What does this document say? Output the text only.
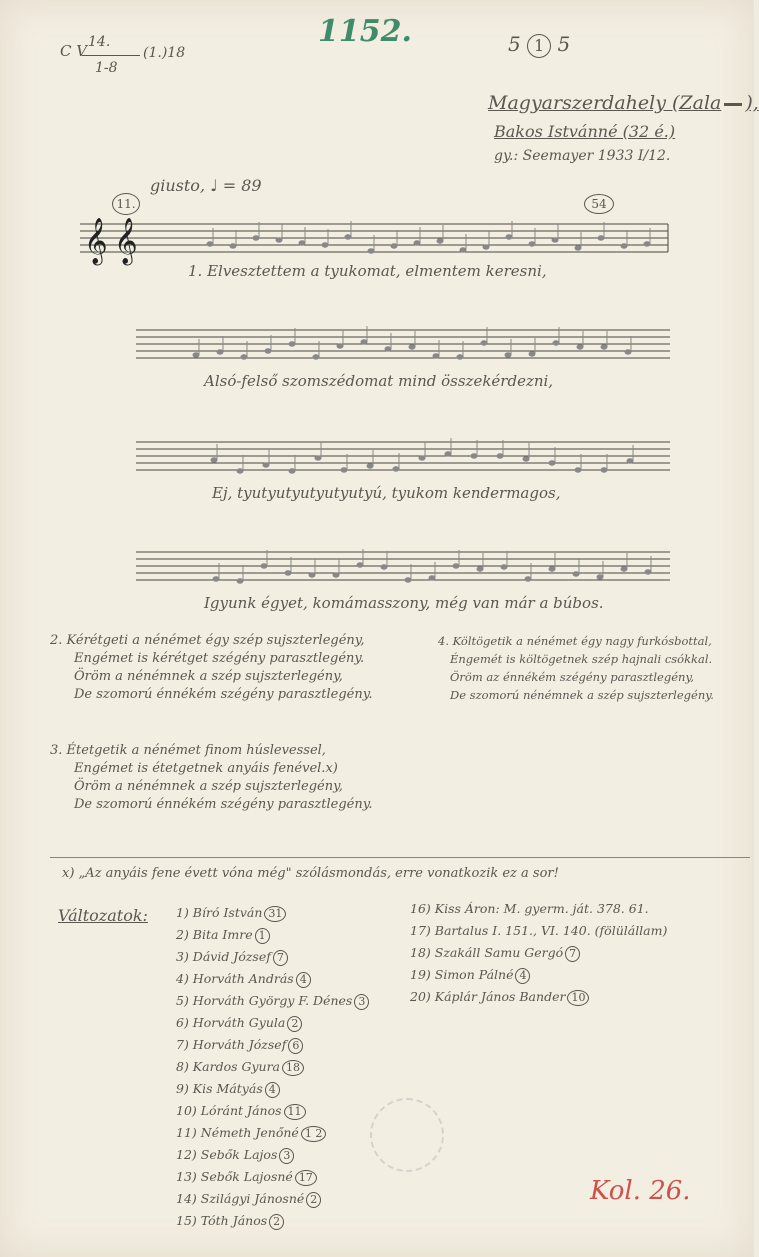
C V 14.
1-8
(1.)18
1152.	5 1 5
Magyarszerdahely (Zala ),
Bakos Istvánné (32 é.)
gy.: Seemayer 1933 I/12.
giusto, ♩ = 89
11.	54
𝄞 𝄞
1. Elvesztettem a tyukomat, elmentem keresni,
Alsó-felső szomszédomat mind összekérdezni,
Ej, tyutyutyutyutyutyú, tyukom kendermagos,
Igyunk égyet, komámasszony, még van már a búbos.
2. Kérétgeti a nénémet égy szép sujszterlegény,
Engémet is kérétget szégény parasztlegény.
Öröm a nénémnek a szép sujszterlegény,
De szomorú énnékém szégény parasztlegény.
4. Költögetik a nénémet égy nagy furkósbottal,
Éngemét is költögetnek szép hajnali csókkal.
Öröm az énnékém szégény parasztlegény,
De szomorú nénémnek a szép sujszterlegény.
3. Étetgetik a nénémet finom húslevessel,
Engémet is étetgetnek anyáis fenével.x)
Öröm a nénémnek a szép sujszterlegény,
De szomorú énnékém szégény parasztlegény.
x) „Az anyáis fene évett vóna még" szólásmondás, erre vonatkozik ez a sor!
Változatok: 1) Bíró István 31
2) Bita Imre 1
3) Dávid József 7
4) Horváth András 4
5) Horváth György F. Dénes 3
6) Horváth Gyula 2
7) Horváth József 6
8) Kardos Gyura 18
9) Kis Mátyás 4
10) Lóránt János 11
11) Németh Jenőné 1 2
12) Sebők Lajos 3
13) Sebők Lajosné 17
14) Szilágyi Jánosné 2
15) Tóth János 2
16) Kiss Áron: M. gyerm. ját. 378. 61.
17) Bartalus I. 151., VI. 140. (fölülállam)
18) Szakáll Samu Gergó 7
19) Simon Pálné 4
20) Káplár János Bander 10
Kol. 26.
